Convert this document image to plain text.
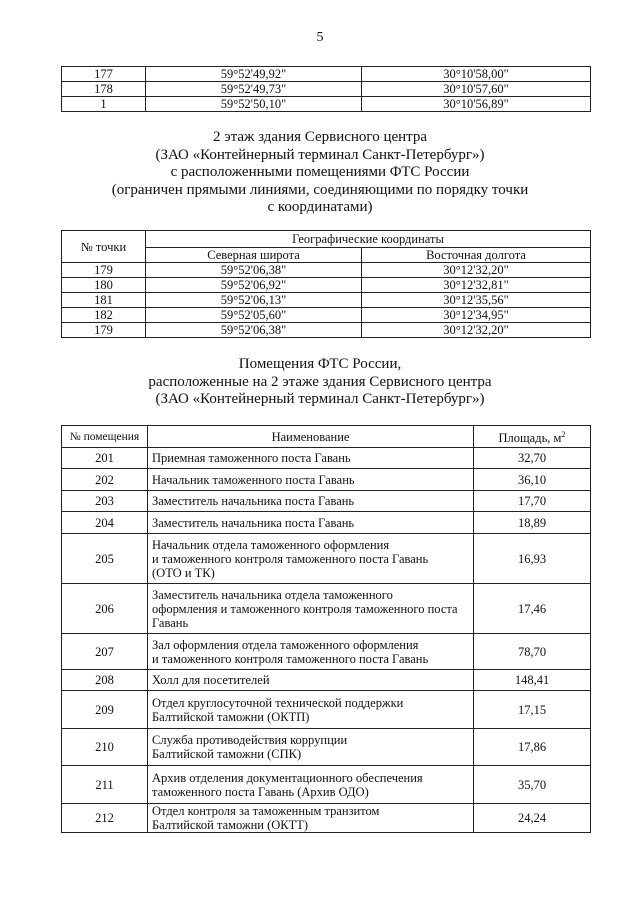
5
177	59°52'49,92"	30°10'58,00"
178	59°52'49,73"	30°10'57,60"
1	59°52'50,10"	30°10'56,89"
2 этаж здания Сервисного центра
(ЗАО «Контейнерный терминал Санкт-Петербург»)
с расположенными помещениями ФТС России
(ограничен прямыми линиями, соединяющими по порядку точки
с координатами)
№ точки	Географические координаты	
	Северная широта	Восточная долгота
179	59°52'06,38"	30°12'32,20"
180	59°52'06,92"	30°12'32,81"
181	59°52'06,13"	30°12'35,56"
182	59°52'05,60"	30°12'34,95"
179	59°52'06,38"	30°12'32,20"
Помещения ФТС России,
расположенные на 2 этаже здания Сервисного центра
(ЗАО «Контейнерный терминал Санкт-Петербург»)
№ помещения	Наименование	Площадь, $м^2$
201	Приемная таможенного поста Гавань	32,70
202	Начальник таможенного поста Гавань	36,10
203	Заместитель начальника поста Гавань	17,70
204	Заместитель начальника поста Гавань	18,89
205	Начальник отдела таможенного оформления
и таможенного контроля таможенного поста Гавань
(ОТО и ТК)	16,93
206	Заместитель начальника отдела таможенного
оформления и таможенного контроля таможенного поста
Гавань	17,46
207	Зал оформления отдела таможенного оформления
и таможенного контроля таможенного поста Гавань	78,70
208	Холл для посетителей	148,41
209	Отдел круглосуточной технической поддержки
Балтийской таможни (ОКТП)	17,15
210	Служба противодействия коррупции
Балтийской таможни (СПК)	17,86
211	Архив отделения документационного обеспечения
таможенного поста Гавань (Архив ОДО)	35,70
212	Отдел контроля за таможенным транзитом
Балтийской таможни (ОКТТ)	24,24
